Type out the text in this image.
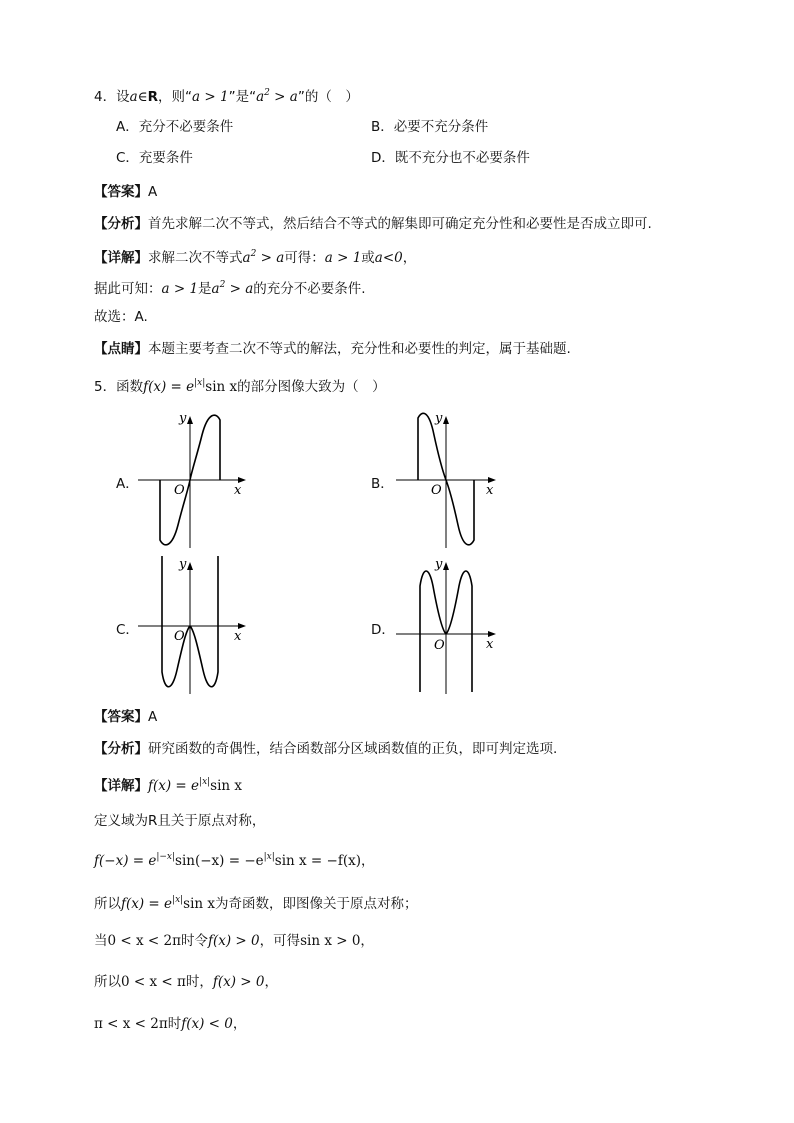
4．设a∈R，则“a > 1”是“$a^2 > a$”的（　）
A．充分不必要条件	B．必要不充分条件
C．充要条件	D．既不充分也不必要条件
【答案】A
【分析】首先求解二次不等式，然后结合不等式的解集即可确定充分性和必要性是否成立即可.
【详解】求解二次不等式$a^2 > a$可得：a > 1或a<0，
据此可知：a > 1是$a^2 > a$的充分不必要条件.
故选：A.
【点睛】本题主要考查二次不等式的解法，充分性和必要性的判定，属于基础题.
5．函数$f(x) = e^{|x|}\sin$ x的部分图像大致为（　）
A．	B．
C．	D．
y
x
O
y
x
O
y
x
O
y
x
O
【答案】A
【分析】研究函数的奇偶性，结合函数部分区域函数值的正负，即可判定选项.
【详解】$f(x) = e^{|x|}\sin$ x
定义域为R且关于原点对称，
$f(-x) = e^{|-x|}\sin(-x) = -e^{|x|}\sin$ x = −f(x)，
所以$f(x) = e^{|x|}\sin$ x为奇函数，即图像关于原点对称；
当0 < x < 2π时令f(x) > 0，可得sin x > 0，
所以0 < x < π时，f(x) > 0，
π < x < 2π时f(x) < 0，
